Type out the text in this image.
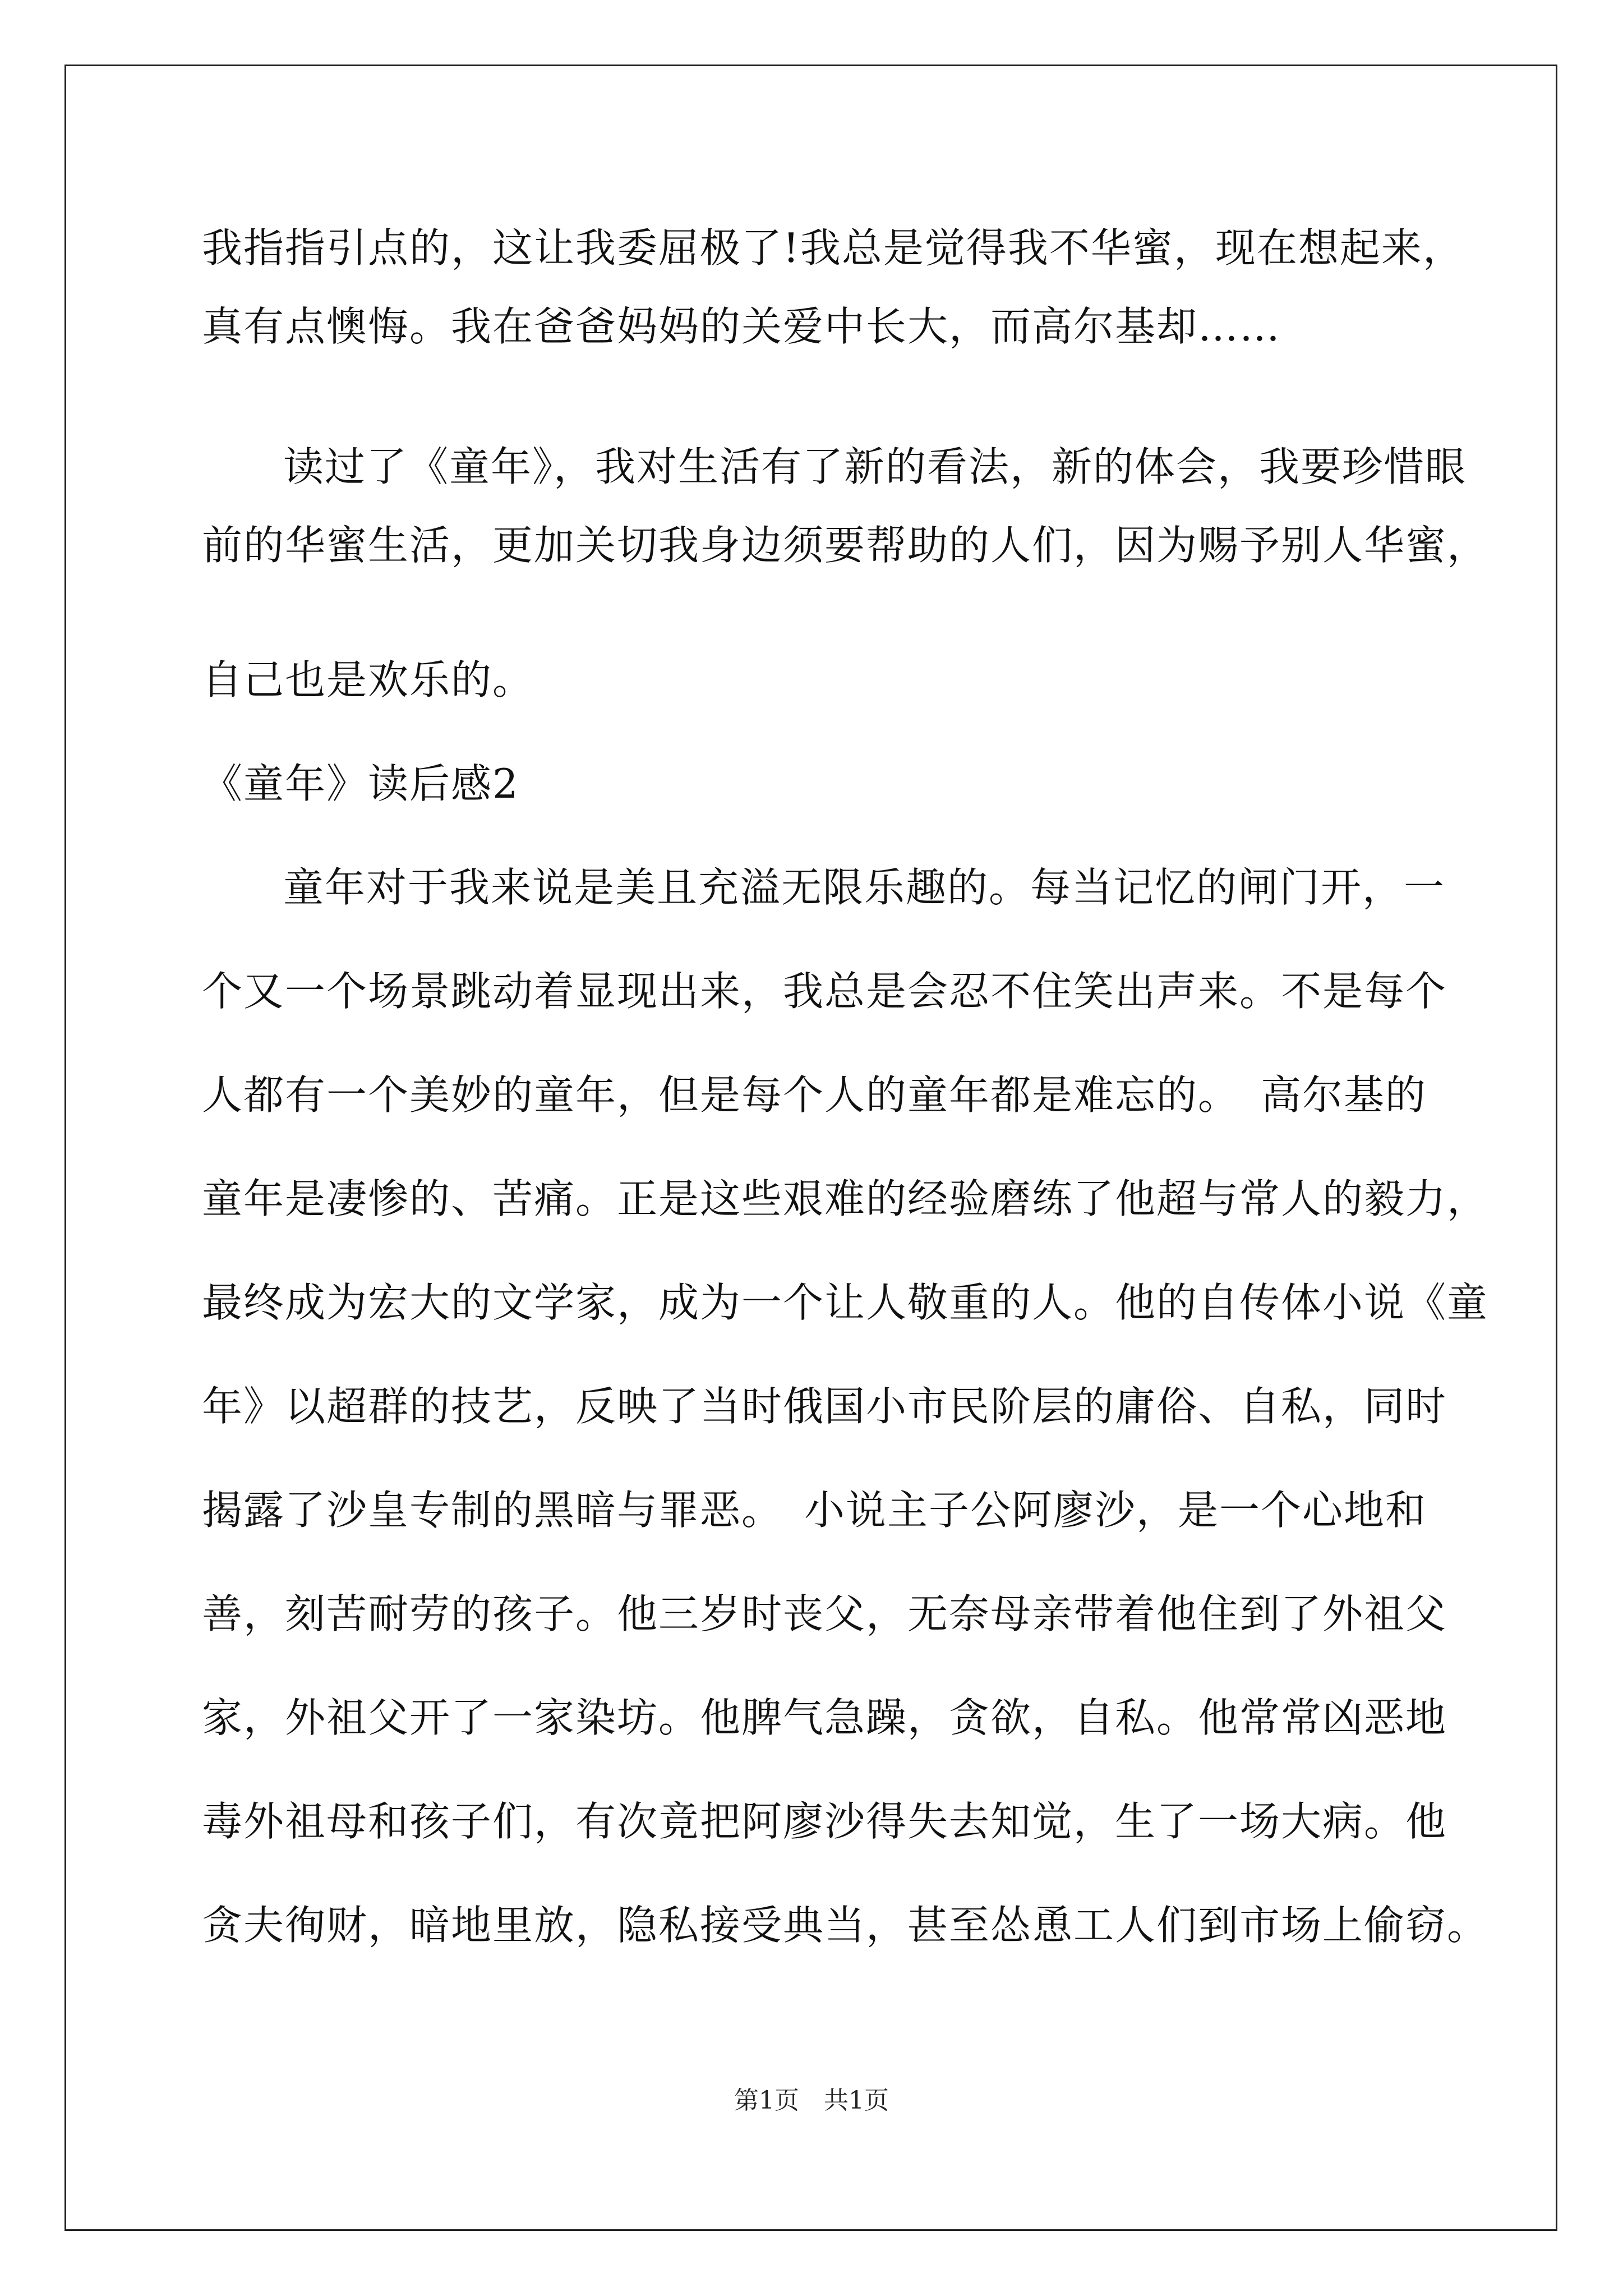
我指指引点的，这让我委屈极了!我总是觉得我不华蜜，现在想起来，
真有点懊悔。我在爸爸妈妈的关爱中长大，而高尔基却……
读过了《童年》，我对生活有了新的看法，新的体会，我要珍惜眼
前的华蜜生活，更加关切我身边须要帮助的人们，因为赐予别人华蜜，
自己也是欢乐的。
《童年》读后感2
童年对于我来说是美且充溢无限乐趣的。每当记忆的闸门开，一
个又一个场景跳动着显现出来，我总是会忍不住笑出声来。不是每个
人都有一个美妙的童年，但是每个人的童年都是难忘的。　高尔基的
童年是凄惨的、苦痛。正是这些艰难的经验磨练了他超与常人的毅力，
最终成为宏大的文学家，成为一个让人敬重的人。他的自传体小说《童
年》以超群的技艺，反映了当时俄国小市民阶层的庸俗、自私，同时
揭露了沙皇专制的黑暗与罪恶。　小说主子公阿廖沙，是一个心地和
善，刻苦耐劳的孩子。他三岁时丧父，无奈母亲带着他住到了外祖父
家，外祖父开了一家染坊。他脾气急躁，贪欲，自私。他常常凶恶地
毒外祖母和孩子们，有次竟把阿廖沙得失去知觉，生了一场大病。他
贪夫徇财，暗地里放，隐私接受典当，甚至怂恿工人们到市场上偷窃。
第1页　共1页
